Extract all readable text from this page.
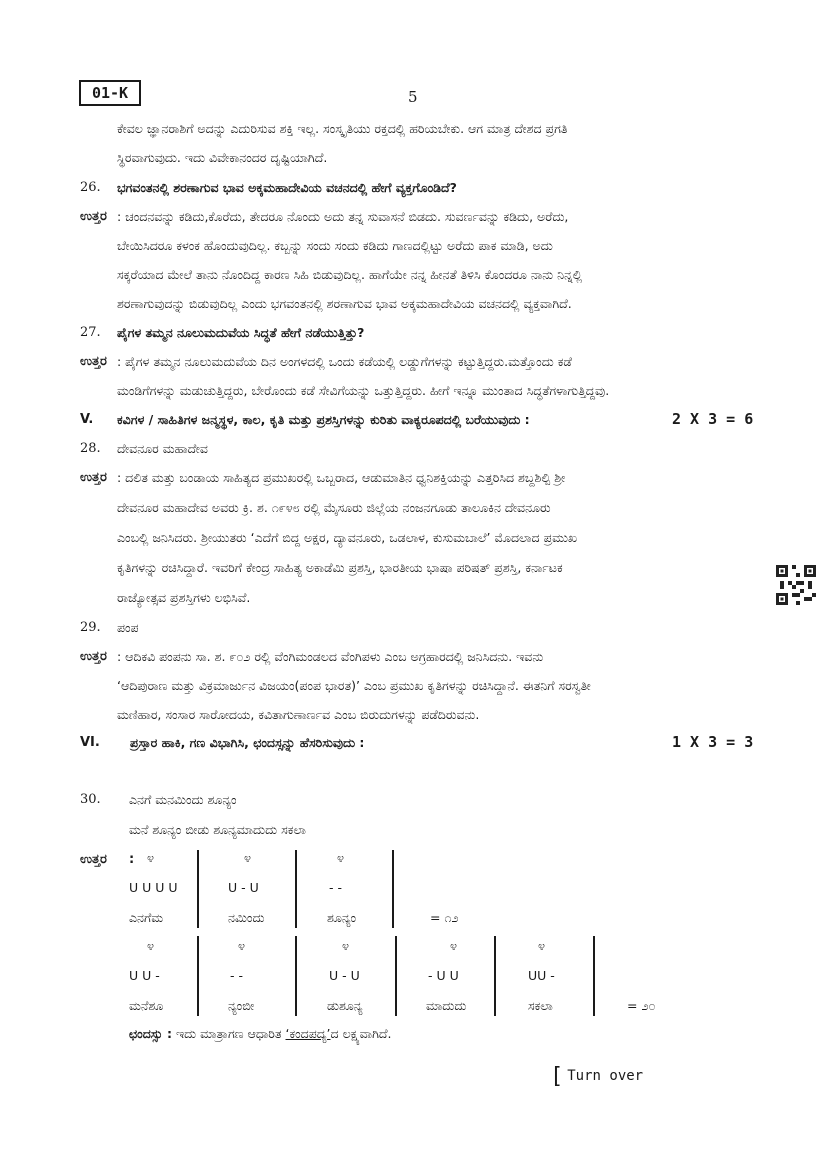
01-K	5
ಕೇವಲ ಜ್ಞಾನರಾಶಿಗೆ ಅದನ್ನು ಎದುರಿಸುವ ಶಕ್ತಿ ಇಲ್ಲ. ಸಂಸ್ಕೃತಿಯು ರಕ್ತದಲ್ಲಿ ಹರಿಯಬೇಕು. ಆಗ ಮಾತ್ರ ದೇಶದ ಪ್ರಗತಿ
ಸ್ಥಿರವಾಗುವುದು. ಇದು ವಿವೇಕಾನಂದರ ದೃಷ್ಟಿಯಾಗಿದೆ.
26. ಭಗವಂತನಲ್ಲಿ ಶರಣಾಗುವ ಭಾವ ಅಕ್ಕಮಹಾದೇವಿಯ ವಚನದಲ್ಲಿ ಹೇಗೆ ವ್ಯಕ್ತಗೊಂಡಿದೆ?
ಉತ್ತರ : ಚಂದನವನ್ನು ಕಡಿದು,ಕೊರೆದು, ತೇದರೂ ನೊಂದು ಅದು ತನ್ನ ಸುವಾಸನೆ ಬಿಡದು. ಸುವರ್ಣವನ್ನು ಕಡಿದು, ಅರೆದು,
ಬೇಯಿಸಿದರೂ ಕಳಂಕ ಹೊಂದುವುದಿಲ್ಲ. ಕಬ್ಬನ್ನು ಸಂದು ಸಂದು ಕಡಿದು ಗಾಣದಲ್ಲಿಟ್ಟು ಅರೆದು ಪಾಕ ಮಾಡಿ, ಅದು
ಸಕ್ಕರೆಯಾದ ಮೇಲೆ ತಾನು ನೊಂದಿದ್ದ ಕಾರಣ ಸಿಹಿ ಬಿಡುವುದಿಲ್ಲ. ಹಾಗೆಯೇ ನನ್ನ ಹೀನತೆ ತಿಳಿಸಿ ಕೊಂದರೂ ನಾನು ನಿನ್ನಲ್ಲಿ
ಶರಣಾಗುವುದನ್ನು ಬಿಡುವುದಿಲ್ಲ ಎಂದು ಭಗವಂತನಲ್ಲಿ ಶರಣಾಗುವ ಭಾವ ಅಕ್ಕಮಹಾದೇವಿಯ ವಚನದಲ್ಲಿ ವ್ಯಕ್ತವಾಗಿದೆ.
27. ಪೈಗಳ ತಮ್ಮನ ನೂಲುಮದುವೆಯ ಸಿದ್ಧತೆ ಹೇಗೆ ನಡೆಯುತ್ತಿತ್ತು?
ಉತ್ತರ : ಪೈಗಳ ತಮ್ಮನ ನೂಲುಮದುವೆಯ ದಿನ ಅಂಗಳದಲ್ಲಿ ಒಂದು ಕಡೆಯಲ್ಲಿ ಲಡ್ಡುಗೆಗಳನ್ನು ಕಟ್ಟುತ್ತಿದ್ದರು.ಮತ್ತೊಂದು ಕಡೆ
ಮಂಡಿಗೆಗಳನ್ನು ಮಡುಚುತ್ತಿದ್ದರು, ಬೇರೊಂದು ಕಡೆ ಸೇವಿಗೆಯನ್ನು ಒತ್ತುತ್ತಿದ್ದರು. ಹೀಗೆ ಇನ್ನೂ ಮುಂತಾದ ಸಿದ್ಧತೆಗಳಾಗುತ್ತಿದ್ದವು.
V. ಕವಿಗಳ / ಸಾಹಿತಿಗಳ ಜನ್ಮಸ್ಥಳ, ಕಾಲ, ಕೃತಿ ಮತ್ತು ಪ್ರಶಸ್ತಿಗಳನ್ನು ಕುರಿತು ವಾಕ್ಯರೂಪದಲ್ಲಿ ಬರೆಯುವುದು :	2 X 3 = 6
28. ದೇವನೂರ ಮಹಾದೇವ
ಉತ್ತರ : ದಲಿತ ಮತ್ತು ಬಂಡಾಯ ಸಾಹಿತ್ಯದ ಪ್ರಮುಖರಲ್ಲಿ ಒಬ್ಬರಾದ, ಆಡುಮಾತಿನ ಧ್ವನಿಶಕ್ತಿಯನ್ನು ಎತ್ತರಿಸಿದ ಶಬ್ದಶಿಲ್ಪಿ ಶ್ರೀ
ದೇವನೂರ ಮಹಾದೇವ ಅವರು ಕ್ರಿ. ಶ. ೧೯೪೮ ರಲ್ಲಿ ಮೈಸೂರು ಜಿಲ್ಲೆಯ ನಂಜನಗೂಡು ತಾಲೂಕಿನ ದೇವನೂರು
ಎಂಬಲ್ಲಿ ಜನಿಸಿದರು. ಶ್ರೀಯುತರು ‘ಎದೆಗೆ ಬಿದ್ದ ಅಕ್ಷರ, ದ್ಯಾವನೂರು, ಒಡಲಾಳ, ಕುಸುಮಬಾಲೆ’ ಮೊದಲಾದ ಪ್ರಮುಖ
ಕೃತಿಗಳನ್ನು ರಚಿಸಿದ್ದಾರೆ. ಇವರಿಗೆ ಕೇಂದ್ರ ಸಾಹಿತ್ಯ ಅಕಾಡೆಮಿ ಪ್ರಶಸ್ತಿ, ಭಾರತೀಯ ಭಾಷಾ ಪರಿಷತ್ ಪ್ರಶಸ್ತಿ, ಕರ್ನಾಟಕ
ರಾಜ್ಯೋತ್ಸವ ಪ್ರಶಸ್ತಿಗಳು ಲಭಿಸಿವೆ.
29. ಪಂಪ
ಉತ್ತರ : ಆದಿಕವಿ ಪಂಪನು ಸಾ. ಶ. ೯೦೨ ರಲ್ಲಿ ವೆಂಗಿಮಂಡಲದ ವೆಂಗಿಪಳು ಎಂಬ ಅಗ್ರಹಾರದಲ್ಲಿ ಜನಿಸಿದನು. ಇವನು
‘ಆದಿಪುರಾಣ ಮತ್ತು ವಿಕ್ರಮಾರ್ಜುನ ವಿಜಯಂ(ಪಂಪ ಭಾರತ)’ ಎಂಬ ಪ್ರಮುಖ ಕೃತಿಗಳನ್ನು ರಚಿಸಿದ್ದಾನೆ. ಈತನಿಗೆ ಸರಸ್ವತೀ
ಮಣಿಹಾರ, ಸಂಸಾರ ಸಾರೋದಯ, ಕವಿತಾಗುಣಾರ್ಣವ ಎಂಬ ಬಿರುದುಗಳನ್ನು ಪಡೆದಿರುವನು.
VI. ಪ್ರಸ್ತಾರ ಹಾಕಿ, ಗಣ ವಿಭಾಗಿಸಿ, ಛಂದಸ್ಸನ್ನು ಹೆಸರಿಸುವುದು :	1 X 3 = 3
30. ಎನಗೆ ಮನಮಿಂದು ಶೂನ್ಯಂ
ಮನೆ ಶೂನ್ಯಂ ಬೀಡು ಶೂನ್ಯಮಾದುದು ಸಕಲಾ
ಉತ್ತರ : ೪	೪	೪
U U U U	U - U	- -
ಎನಗೆಮ	ನಮಿಂದು	ಶೂನ್ಯಂ	= ೧೨
೪	೪	೪	೪	೪
U U -	- -	U - U	- U U	UU -
ಮನೆಶೂ	ನ್ಯಂಬೀ	ಡುಶೂನ್ಯ	ಮಾದುದು	ಸಕಲಾ	= ೨೦
ಛಂದಸ್ಸು : ಇದು ಮಾತ್ರಾಗಣ ಆಧಾರಿತ ‘ಕಂದಪದ್ಯ’ದ ಲಕ್ಷ್ಯವಾಗಿದೆ.
[ Turn over
